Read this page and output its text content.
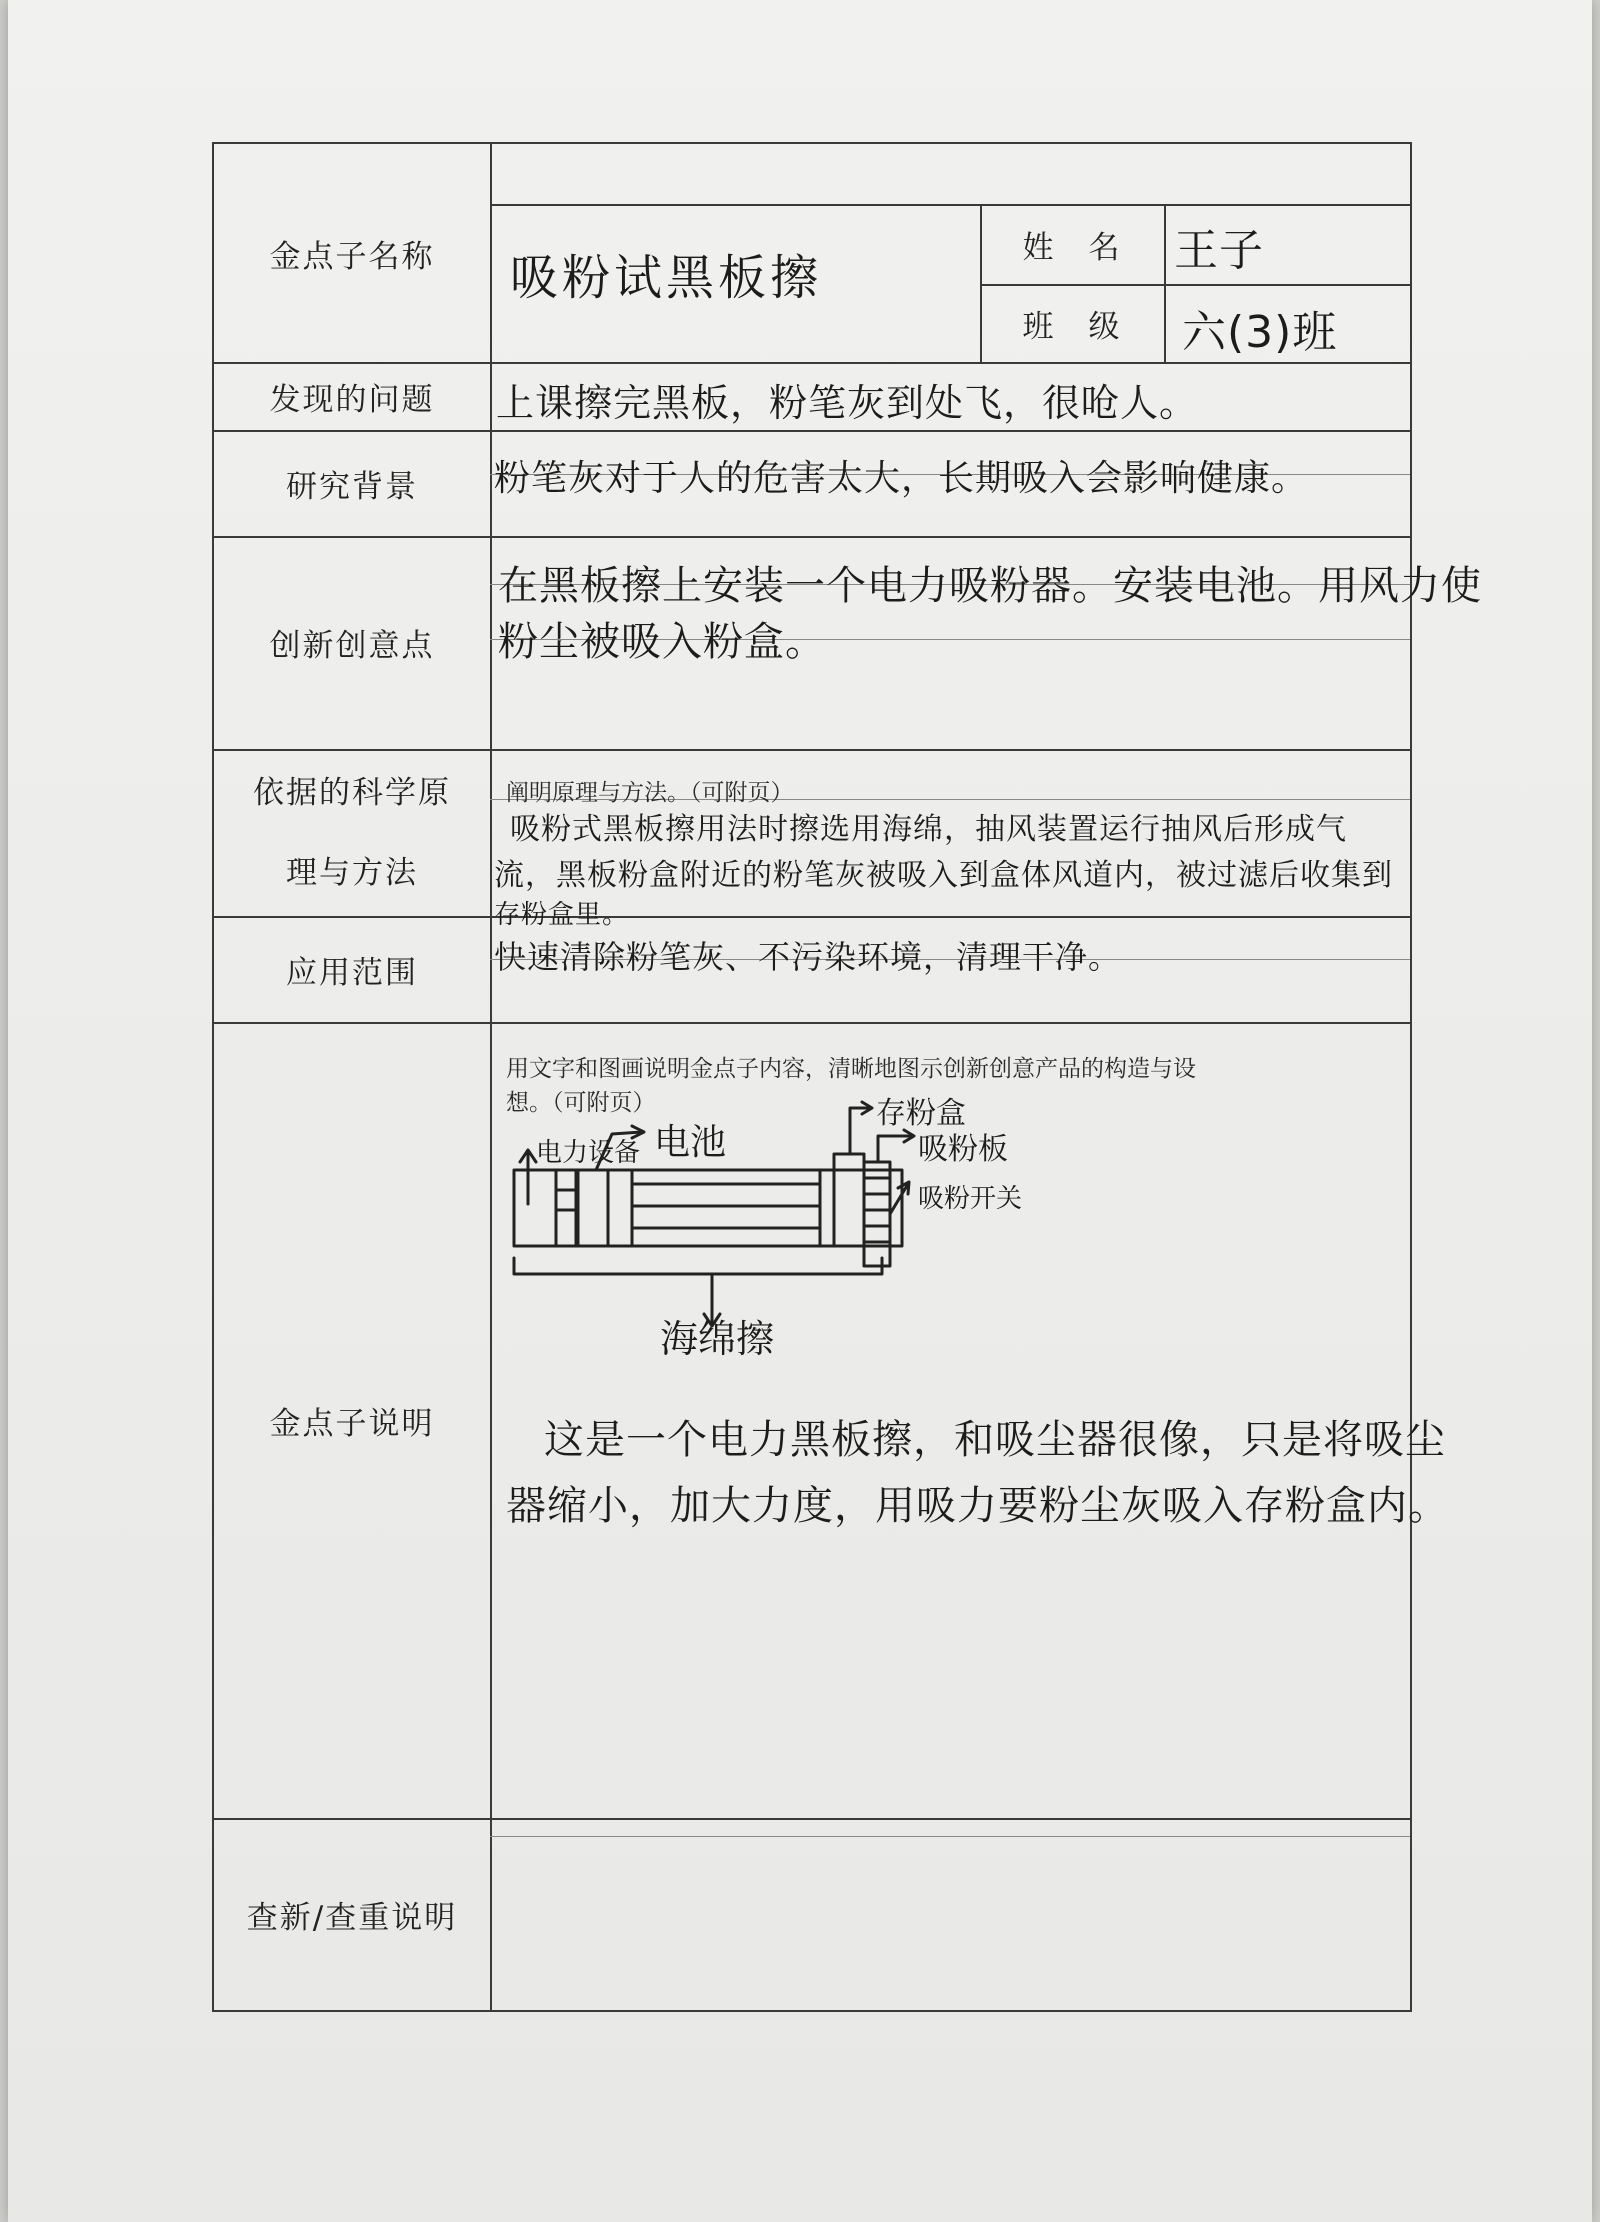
金点子名称
发现的问题
研究背景
创新创意点
依据的科学原
理与方法
应用范围
金点子说明
查新/查重说明
姓　名
班　级
吸粉试黑板擦	王子
六(3)班
上课擦完黑板，粉笔灰到处飞，很呛人。
粉笔灰对于人的危害太大，长期吸入会影响健康。
在黑板擦上安装一个电力吸粉器。安装电池。用风力使
粉尘被吸入粉盒。
阐明原理与方法。（可附页）
吸粉式黑板擦用法时擦选用海绵，抽风装置运行抽风后形成气
流，黑板粉盒附近的粉笔灰被吸入到盒体风道内，被过滤后收集到
存粉盒里。
快速清除粉笔灰、不污染环境，清理干净。
用文字和图画说明金点子内容，清晰地图示创新创意产品的构造与设
想。（可附页）
电力设备 电池
存粉盒
吸粉板
吸粉开关
海绵擦
这是一个电力黑板擦，和吸尘器很像，只是将吸尘
器缩小，加大力度，用吸力要粉尘灰吸入存粉盒内。
